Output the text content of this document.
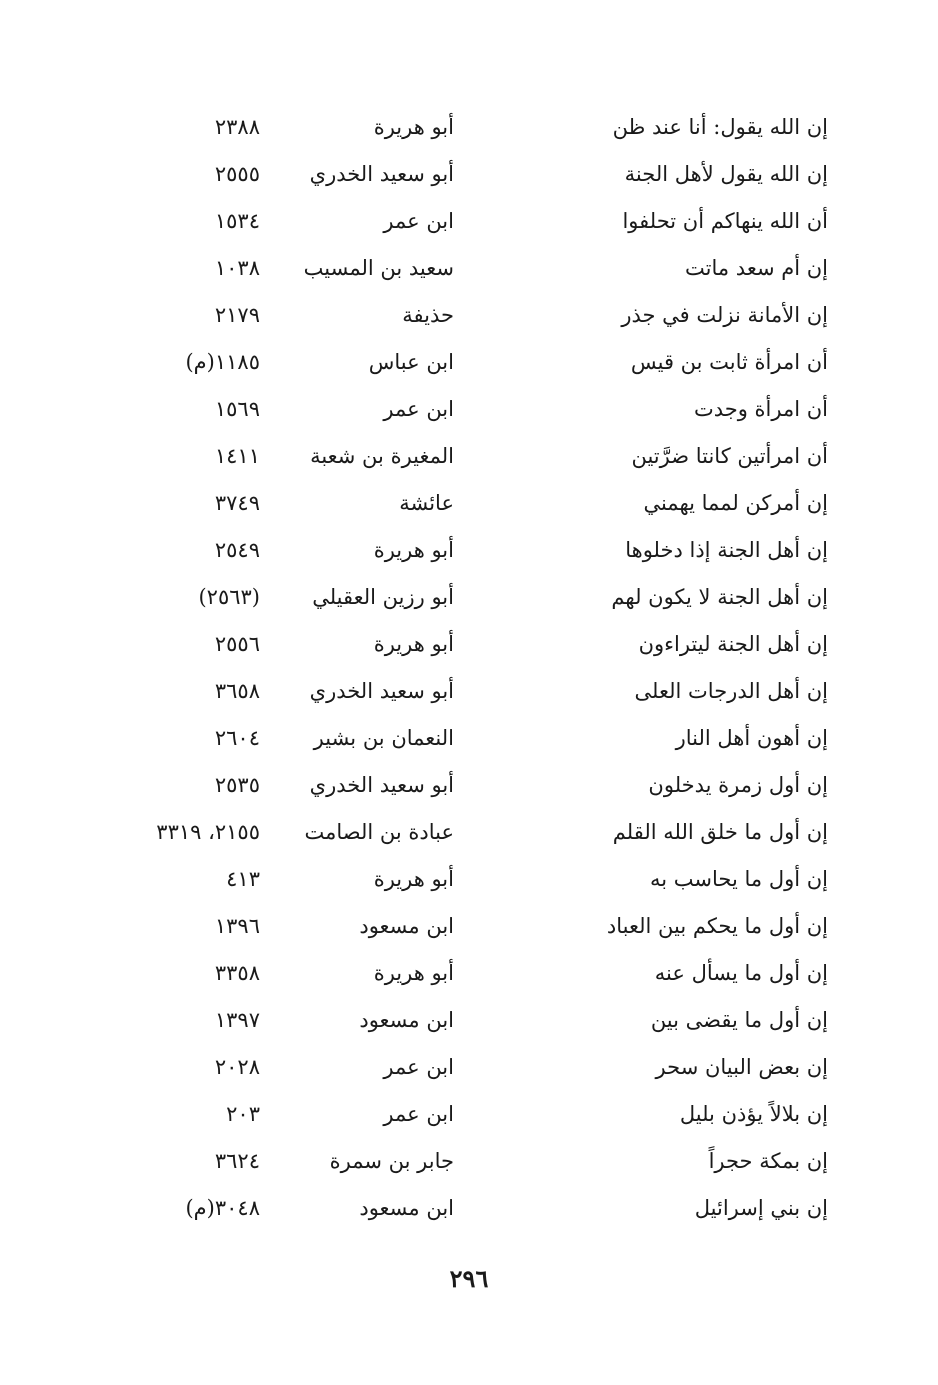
إن الله يقول: أنا عند ظن
أبو هريرة
٢٣٨٨
إن الله يقول لأهل الجنة
أبو سعيد الخدري
٢٥٥٥
أن الله ينهاكم أن تحلفوا
ابن عمر
١٥٣٤
إن أم سعد ماتت
سعيد بن المسيب
١٠٣٨
إن الأمانة نزلت في جذر
حذيفة
٢١٧٩
أن امرأة ثابت بن قيس
ابن عباس
١١٨٥(م)
أن امرأة وجدت
ابن عمر
١٥٦٩
أن امرأتين كانتا ضرَّتين
المغيرة بن شعبة
١٤١١
إن أمركن لمما يهمني
عائشة
٣٧٤٩
إن أهل الجنة إذا دخلوها
أبو هريرة
٢٥٤٩
إن أهل الجنة لا يكون لهم
أبو رزين العقيلي
(٢٥٦٣)
إن أهل الجنة ليتراءون
أبو هريرة
٢٥٥٦
إن أهل الدرجات العلى
أبو سعيد الخدري
٣٦٥٨
إن أهون أهل النار
النعمان بن بشير
٢٦٠٤
إن أول زمرة يدخلون
أبو سعيد الخدري
٢٥٣٥
إن أول ما خلق الله القلم
عبادة بن الصامت
٢١٥٥، ٣٣١٩
إن أول ما يحاسب به
أبو هريرة
٤١٣
إن أول ما يحكم بين العباد
ابن مسعود
١٣٩٦
إن أول ما يسأل عنه
أبو هريرة
٣٣٥٨
إن أول ما يقضى بين
ابن مسعود
١٣٩٧
إن بعض البيان سحر
ابن عمر
٢٠٢٨
إن بلالاً يؤذن بليل
ابن عمر
٢٠٣
إن بمكة حجراً
جابر بن سمرة
٣٦٢٤
إن بني إسرائيل
ابن مسعود
٣٠٤٨(م)
٢٩٦
